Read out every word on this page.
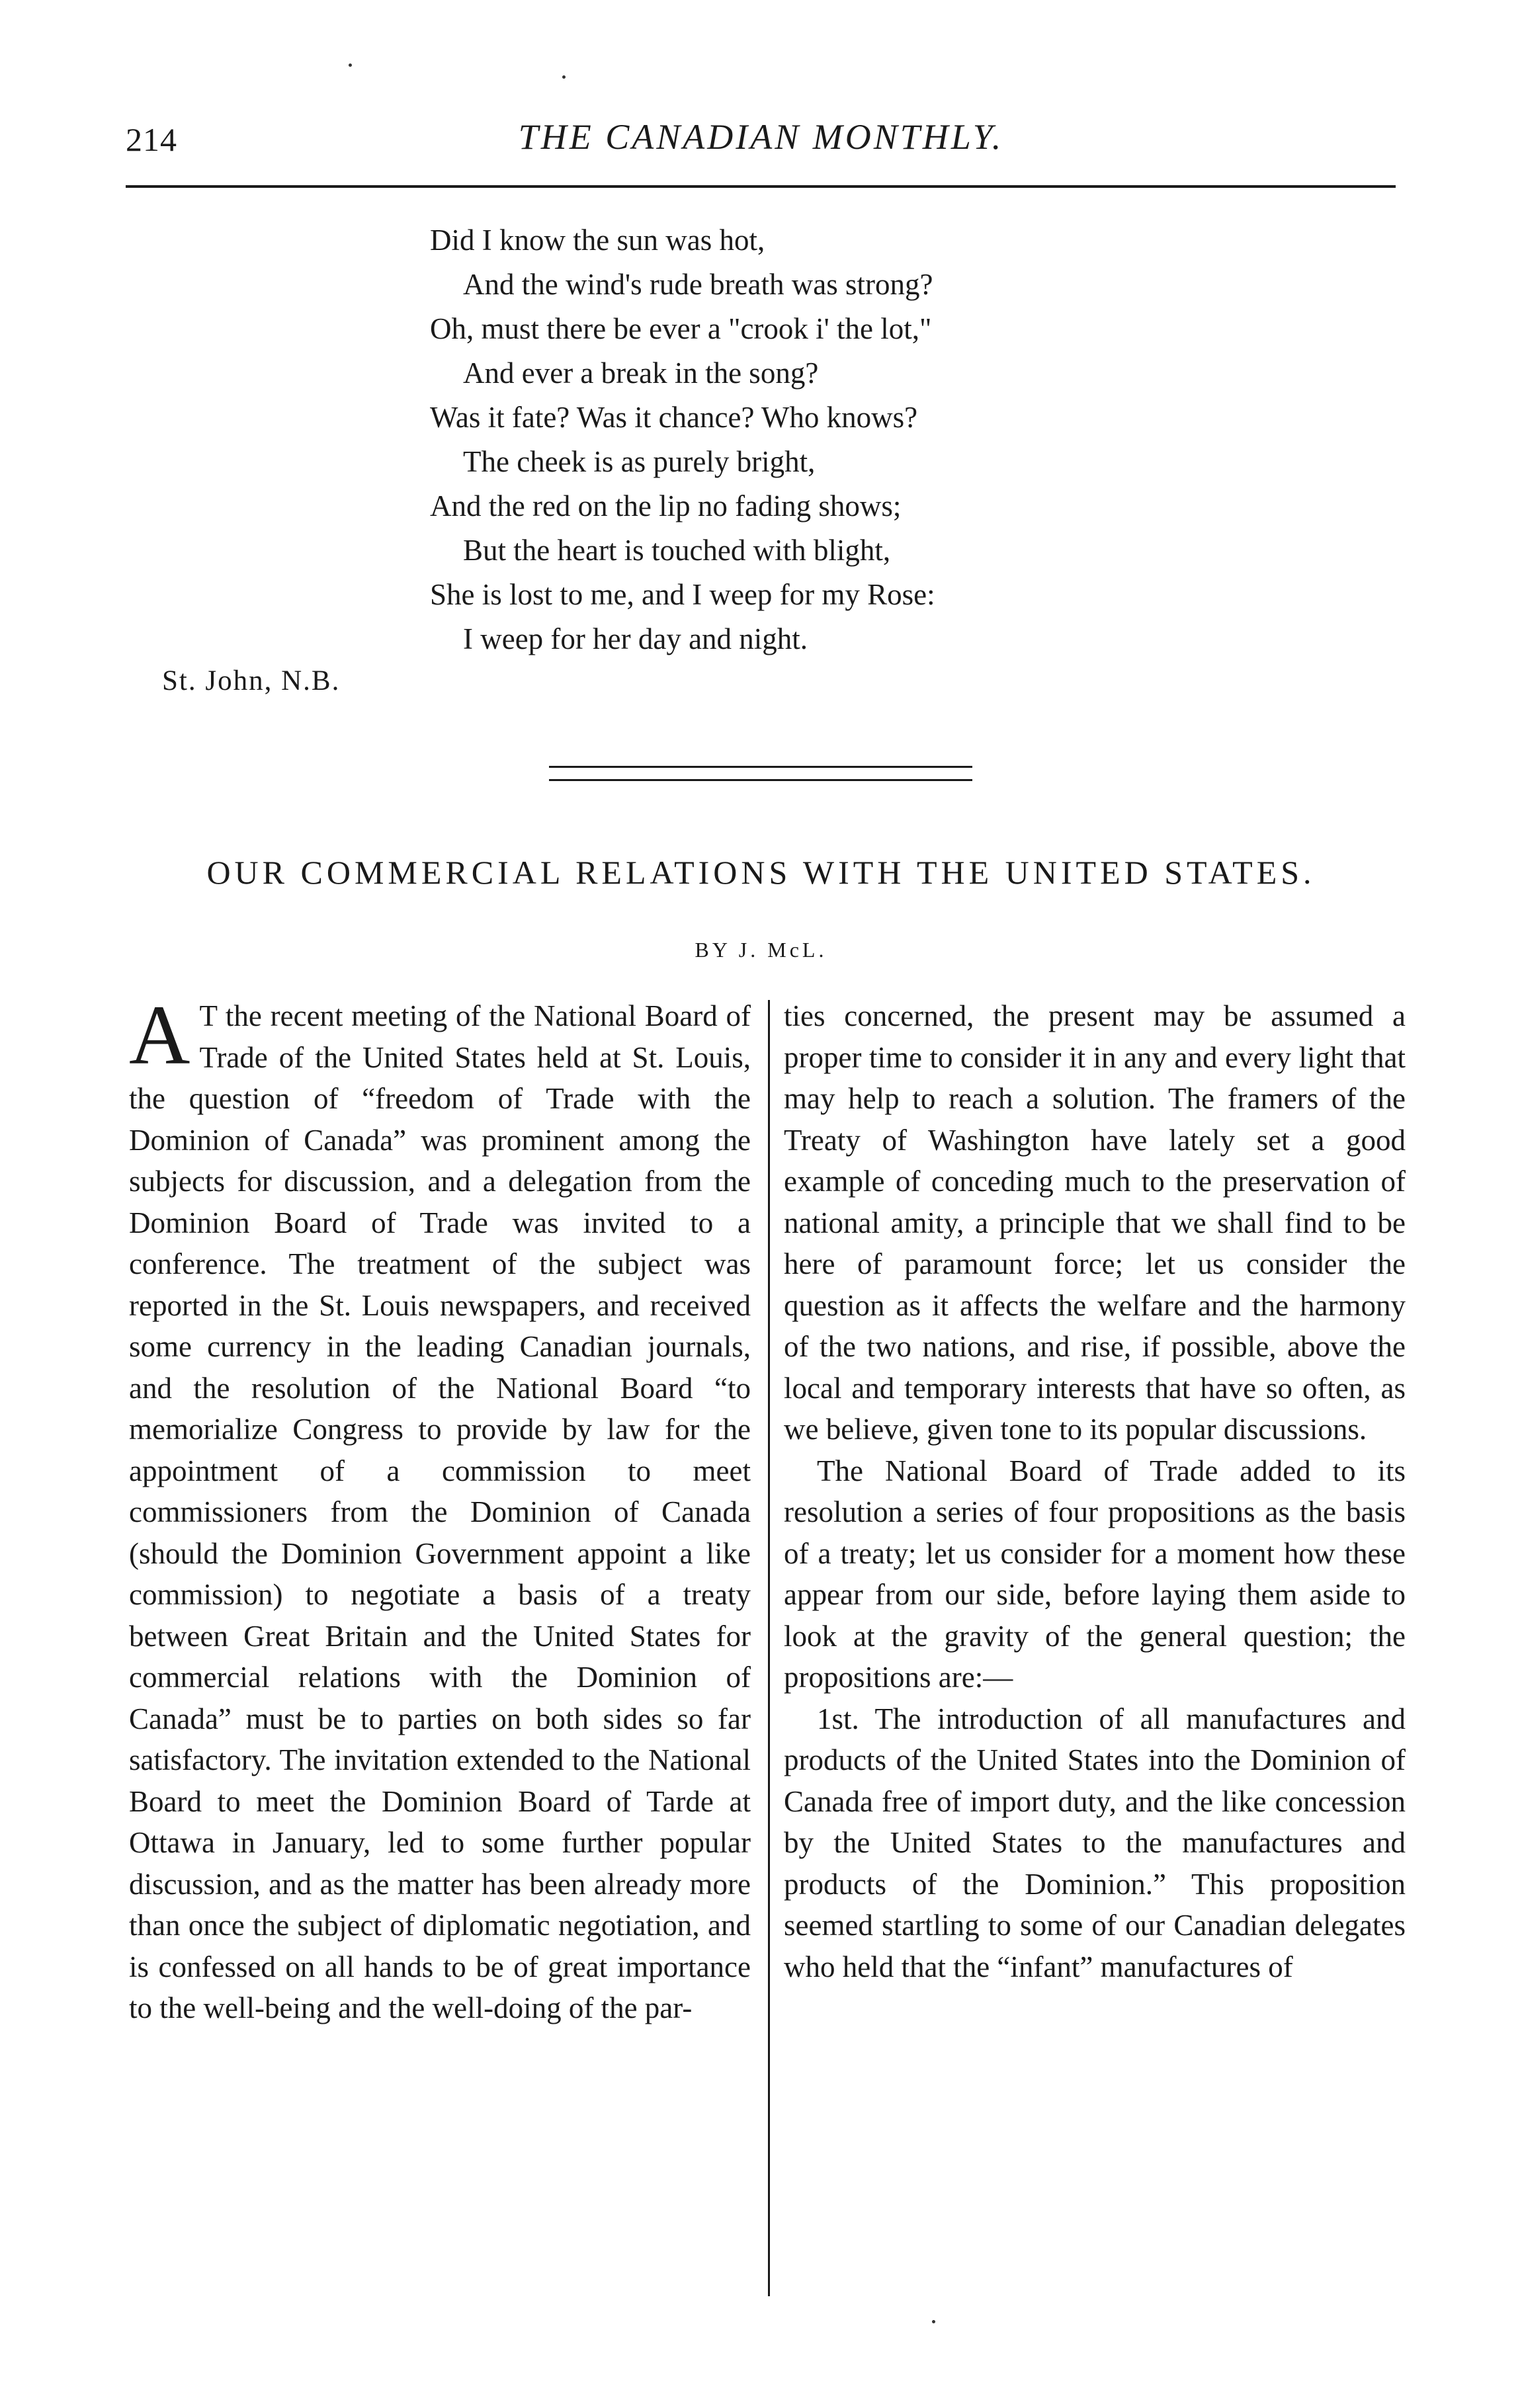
214	THE CANADIAN MONTHLY.
Did I know the sun was hot,
And the wind's rude breath was strong?
Oh, must there be ever a "crook i' the lot,"
And ever a break in the song?
Was it fate? Was it chance? Who knows?
The cheek is as purely bright,
And the red on the lip no fading shows;
But the heart is touched with blight,
She is lost to me, and I weep for my Rose:
I weep for her day and night.
St. John, N.B.
OUR COMMERCIAL RELATIONS WITH THE UNITED STATES.
BY J. McL.

A T the recent meeting of the National Board of Trade of the United States held at St. Louis, the question of “freedom of Trade with the Dominion of Canada” was prominent among the subjects for discussion, and a delegation from the Dominion Board of Trade was invited to a conference. The treatment of the subject was reported in the St. Louis newspapers, and received some currency in the leading Canadian journals, and the resolution of the National Board “to memorialize Congress to provide by law for the appointment of a commission to meet commissioners from the Dominion of Canada (should the Dominion Government appoint a like commission) to negotiate a basis of a treaty between Great Britain and the United States for commercial relations with the Dominion of Canada” must be to parties on both sides so far satisfactory. The invitation extended to the National Board to meet the Dominion Board of Tarde at Ottawa in January, led to some further popular discussion, and as the matter has been already more than once the subject of diplomatic negotiation, and is confessed on all hands to be of great importance to the well-being and the well-doing of the par-

ties concerned, the present may be assumed a proper time to consider it in any and every light that may help to reach a solution. The framers of the Treaty of Washington have lately set a good example of conceding much to the preservation of national amity, a principle that we shall find to be here of paramount force; let us consider the question as it affects the welfare and the harmony of the two nations, and rise, if possible, above the local and temporary interests that have so often, as we believe, given tone to its popular discussions.

The National Board of Trade added to its resolution a series of four propositions as the basis of a treaty; let us consider for a moment how these appear from our side, before laying them aside to look at the gravity of the general question; the propositions are:—

1st. The introduction of all manufactures and products of the United States into the Dominion of Canada free of import duty, and the like concession by the United States to the manufactures and products of the Dominion.” This proposition seemed startling to some of our Canadian delegates who held that the “infant” manufactures of
